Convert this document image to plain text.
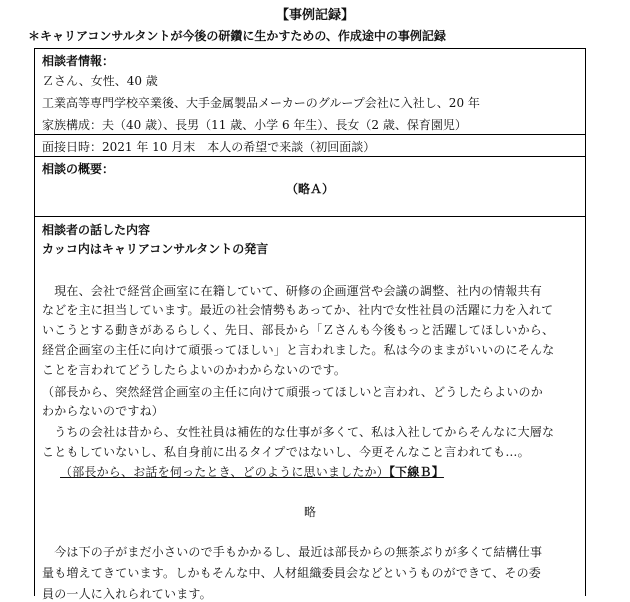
【事例記録】
＊キャリアコンサルタントが今後の研鑽に生かすための、作成途中の事例記録
相談者情報：
Ｚさん、女性、40 歳
工業高等専門学校卒業後、大手金属製品メーカーのグループ会社に入社し、20 年
家族構成：夫（40 歳）、長男（11 歳、小学 6 年生）、長女（2 歳、保育園児）
面接日時：2021 年 10 月末　本人の希望で来談（初回面談）
相談の概要：
（略Ａ）
相談者の話した内容
カッコ内はキャリアコンサルタントの発言
　現在、会社で経営企画室に在籍していて、研修の企画運営や会議の調整、社内の情報共有
などを主に担当しています。最近の社会情勢もあってか、社内で女性社員の活躍に力を入れて
いこうとする動きがあるらしく、先日、部長から「Ｚさんも今後もっと活躍してほしいから、
経営企画室の主任に向けて頑張ってほしい」と言われました。私は今のままがいいのにそんな
ことを言われてどうしたらよいのかわからないのです。
（部長から、突然経営企画室の主任に向けて頑張ってほしいと言われ、どうしたらよいのか
わからないのですね）
　うちの会社は昔から、女性社員は補佐的な仕事が多くて、私は入社してからそんなに大層な
こともしていないし、私自身前に出るタイプではないし、今更そんなこと言われても…。
（部長から、お話を伺ったとき、どのように思いましたか）【下線Ｂ】
略
　今は下の子がまだ小さいので手もかかるし、最近は部長からの無茶ぶりが多くて結構仕事
量も増えてきています。しかもそんな中、人材組織委員会などというものができて、その委
員の一人に入れられています。
